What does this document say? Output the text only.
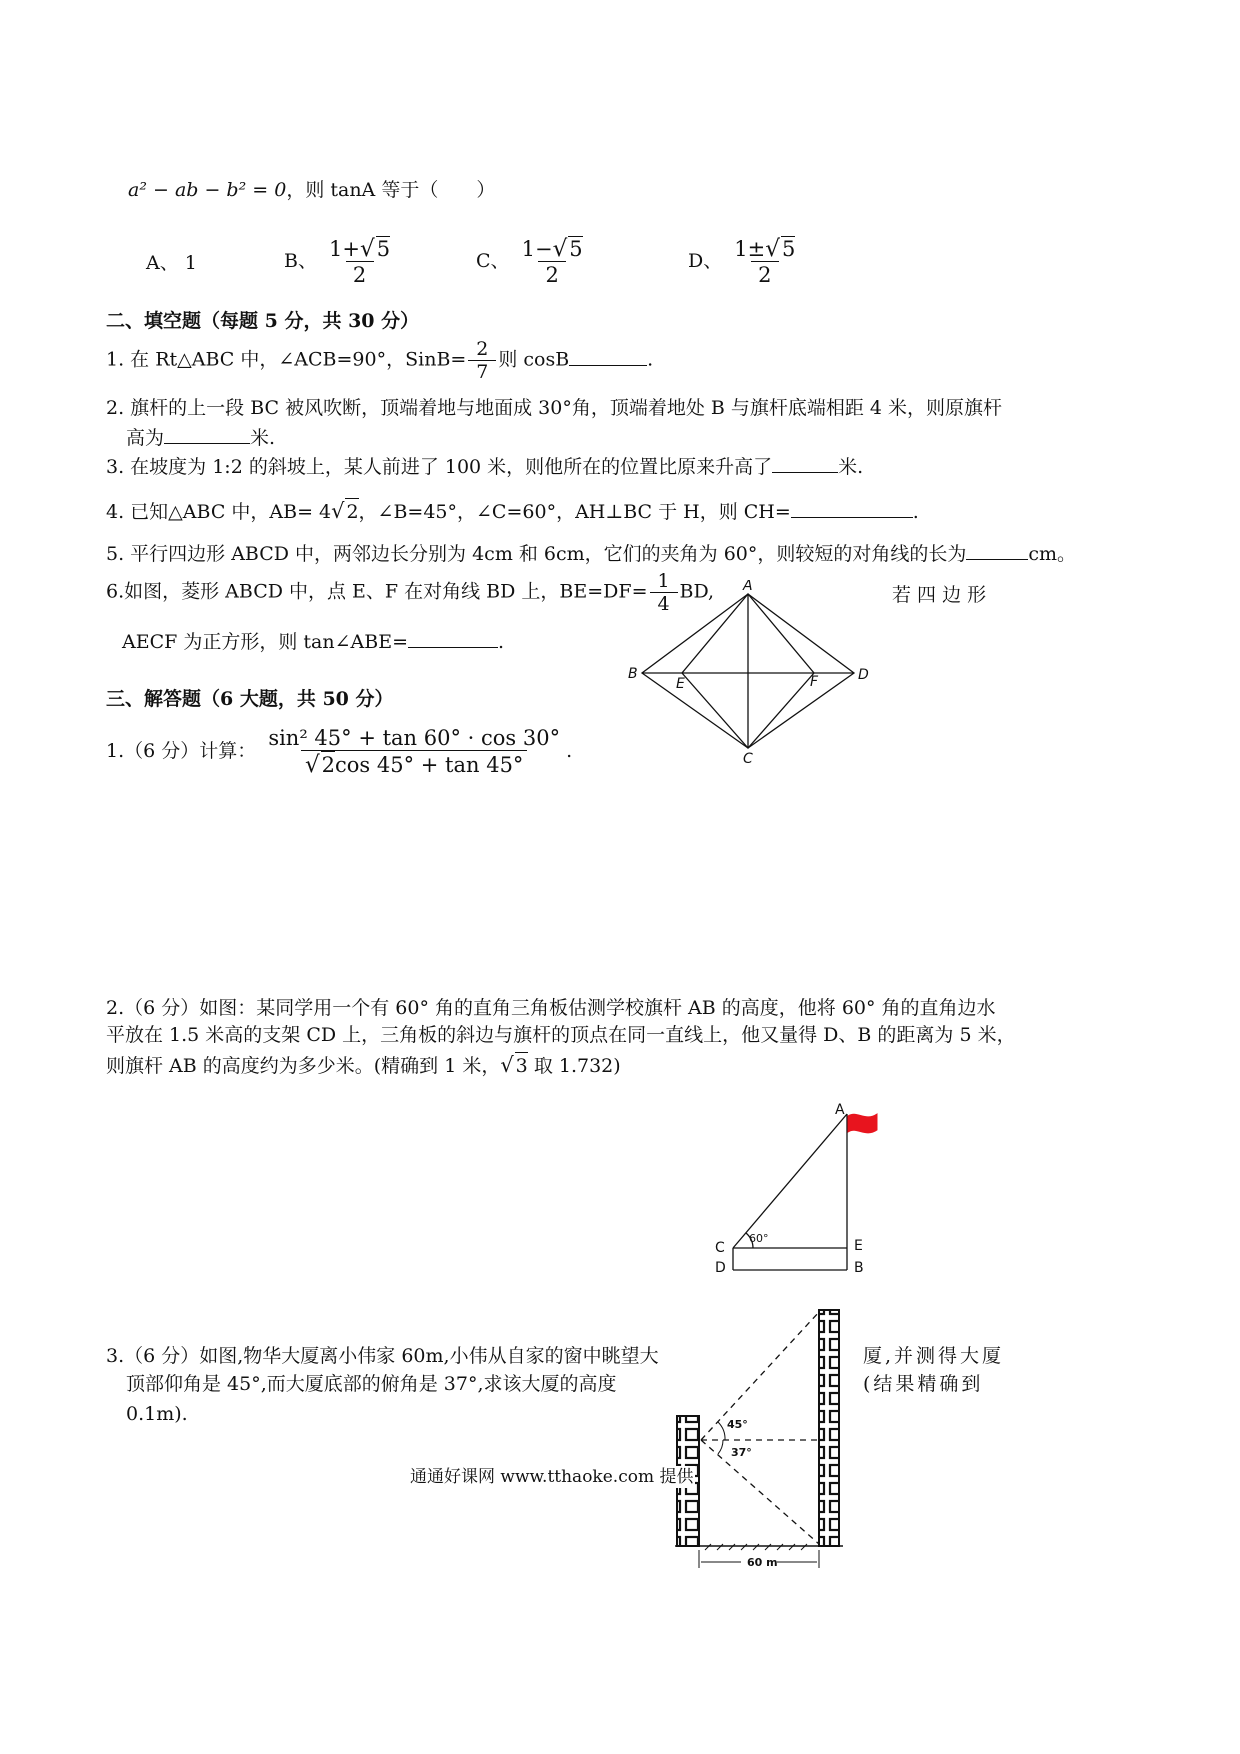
a² − ab − b² = 0，则 tanA 等于（　　）
A、 1	B、 $\frac{1+√5}{2}$	C、 $\frac{1-√5}{2}$	D、 $\frac{1\pm√5}{2}$
二、填空题（每题 5 分，共 30 分）
1. 在 Rt△ABC 中，∠ACB=90°，SinB= $\frac{2}{7}$ 则 cosB	.
2. 旗杆的上一段 BC 被风吹断，顶端着地与地面成 30°角，顶端着地处 B 与旗杆底端相距 4 米，则原旗杆
高为	米.
3. 在坡度为 1:2 的斜坡上，某人前进了 100 米，则他所在的位置比原来升高了	米.
4. 已知△ABC 中，AB= 4√ 2，∠B=45°，∠C=60°，AH⊥BC 于 H，则 CH=	.
5. 平行四边形 ABCD 中，两邻边长分别为 4cm 和 6cm，它们的夹角为 60°，则较短的对角线的长为	cm。
6.如图，菱形 ABCD 中，点 E、F 在对角线 BD 上，$BE=DF= \frac{1}{4}$ BD,	若 四 边 形
AECF 为正方形，则 tan∠ABE=	.
A
B
C
D
E	F
三、解答题（6 大题，共 50 分）
1.（6 分）计算： $\frac{\text{sin² 45° + tan 60° · cos 30°}}{√2\cos 45^\circ + \tan 45^\circ}$ .
2.（6 分）如图：某同学用一个有 60° 角的直角三角板估测学校旗杆 AB 的高度，他将 60° 角的直角边水
平放在 1.5 米高的支架 CD 上，三角板的斜边与旗杆的顶点在同一直线上，他又量得 D、B 的距离为 5 米，
则旗杆 AB 的高度约为多少米。(精确到 1 米，√ 3 取 1.732)
A
C
D
E
B
60°
3.（6 分）如图,物华大厦离小伟家 60m,小伟从自家的窗中眺望大	厦,并测得大厦
顶部仰角是 45°,而大厦底部的俯角是 37°,求该大厦的高度	(结果精确到
0.1m).	45°
37°
60 m
通通好课网 www.tthaoke.com 提供
